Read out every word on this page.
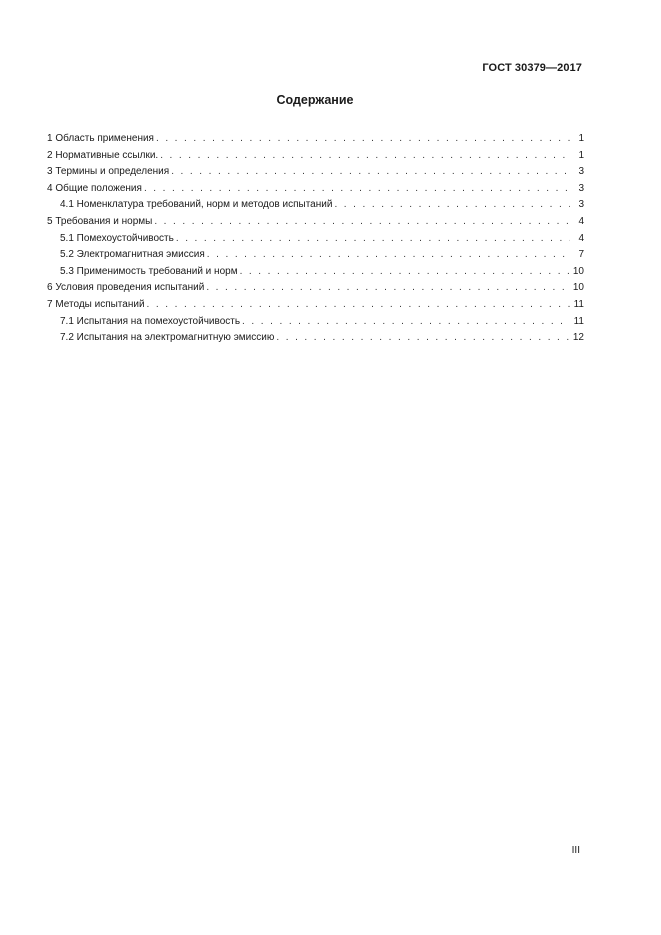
ГОСТ 30379—2017
Содержание
1 Область применения . . .	1
2 Нормативные ссылки. . . .	1
3 Термины и определения . . .	3
4 Общие положения . . .	3
4.1 Номенклатура требований, норм и методов испытаний . . .	3
5 Требования и нормы . . .	4
5.1 Помехоустойчивость . . .	4
5.2 Электромагнитная эмиссия . . .	7
5.3 Применимость требований и норм . . .	10
6 Условия проведения испытаний . . .	10
7 Методы испытаний . . .	11
7.1 Испытания на помехоустойчивость . . .	11
7.2 Испытания на электромагнитную эмиссию . . .	12
III
